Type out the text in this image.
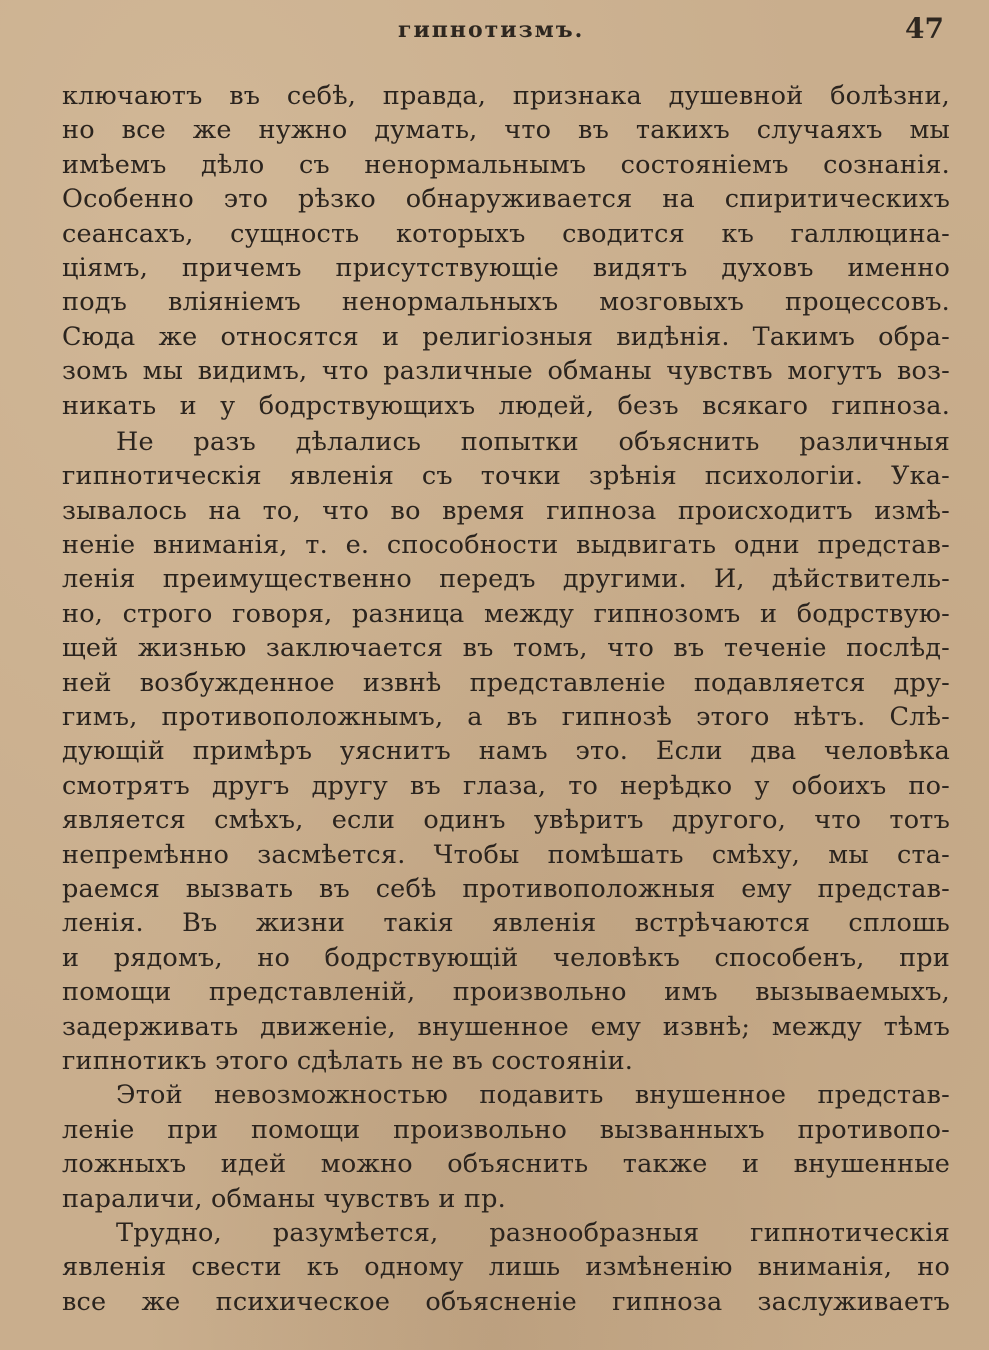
гипнотизмъ.	47
ключаютъ въ себѣ, правда, признака душевной болѣзни,
но все же нужно думать, что въ такихъ случаяхъ мы
имѣемъ дѣло съ ненормальнымъ состояніемъ сознанія.
Особенно это рѣзко обнаруживается на спиритическихъ
сеансахъ, сущность которыхъ сводится къ галлюцина-
ціямъ, причемъ присутствующіе видятъ духовъ именно
подъ вліяніемъ ненормальныхъ мозговыхъ процессовъ.
Сюда же относятся и религіозныя видѣнія. Такимъ обра-
зомъ мы видимъ, что различные обманы чувствъ могутъ воз-
никать и у бодрствующихъ людей, безъ всякаго гипноза.
Не разъ дѣлались попытки объяснить различныя
гипнотическія явленія съ точки зрѣнія психологіи. Ука-
зывалось на то, что во время гипноза происходитъ измѣ-
неніе вниманія, т. е. способности выдвигать одни представ-
ленія преимущественно передъ другими. И, дѣйствитель-
но, строго говоря, разница между гипнозомъ и бодрствую-
щей жизнью заключается въ томъ, что въ теченіе послѣд-
ней возбужденное извнѣ представленіе подавляется дру-
гимъ, противоположнымъ, а въ гипнозѣ этого нѣтъ. Слѣ-
дующій примѣръ уяснитъ намъ это. Если два человѣка
смотрятъ другъ другу въ глаза, то нерѣдко у обоихъ по-
является смѣхъ, если одинъ увѣритъ другого, что тотъ
непремѣнно засмѣется. Чтобы помѣшать смѣху, мы ста-
раемся вызвать въ себѣ противоположныя ему представ-
ленія. Въ жизни такія явленія встрѣчаются сплошь
и рядомъ, но бодрствующій человѣкъ способенъ, при
помощи представленій, произвольно имъ вызываемыхъ,
задерживать движеніе, внушенное ему извнѣ; между тѣмъ
гипнотикъ этого сдѣлать не въ состояніи.
Этой невозможностью подавить внушенное представ-
леніе при помощи произвольно вызванныхъ противопо-
ложныхъ идей можно объяснить также и внушенные
параличи, обманы чувствъ и пр.
Трудно, разумѣется, разнообразныя гипнотическія
явленія свести къ одному лишь измѣненію вниманія, но
все же психическое объясненіе гипноза заслуживаетъ
